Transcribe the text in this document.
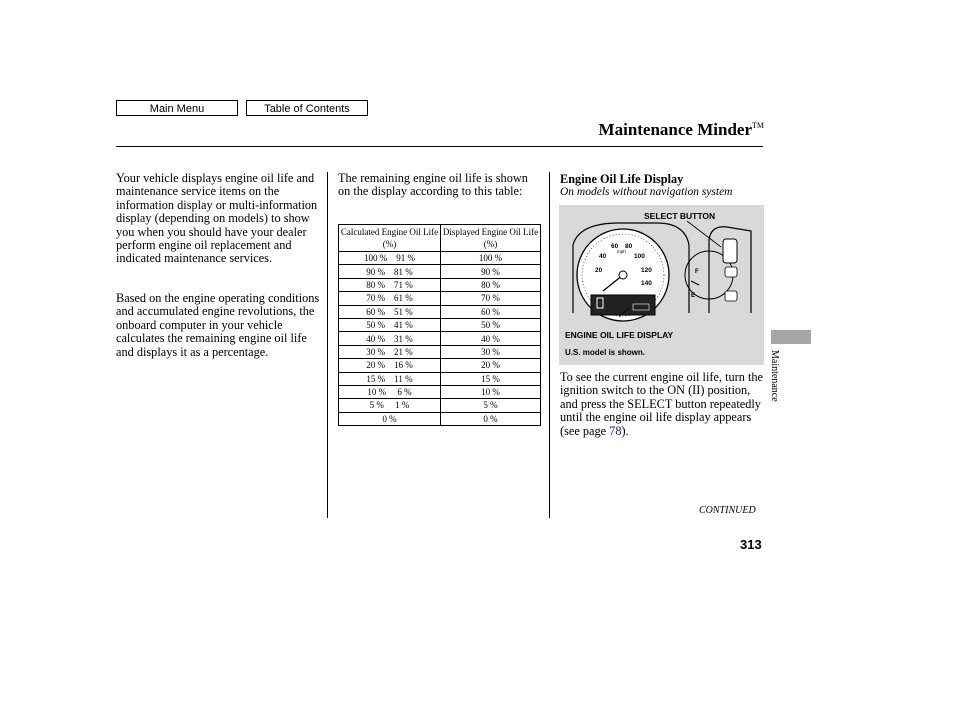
Main Menu	Table of Contents
Maintenance Minder™

Your vehicle displays engine oil life and maintenance service items on the information display or multi-information display (depending on models) to show you when you should have your dealer perform engine oil replacement and indicated maintenance services.

Based on the engine operating conditions and accumulated engine revolutions, the onboard computer in your vehicle calculates the remaining engine oil life and displays it as a percentage.

The remaining engine oil life is shown on the display according to this table:

Calculated Engine Oil Life (%)	Displayed Engine Oil Life (%)
100 %    91 %	100 %
90 %    81 %	90 %
80 %    71 %	80 %
70 %    61 %	70 %
60 %    51 %	60 %
50 %    41 %	50 %
40 %    31 %	40 %
30 %    21 %	30 %
20 %    16 %	20 %
15 %    11 %	15 %
10 %     6 %	10 %
5 %     1 %	5 %
0 %	0 %
Engine Oil Life Display
On models without navigation system
SELECT BUTTON
20
40
60 80
100
120
140
mph
F
E
ENGINE OIL LIFE DISPLAY
U.S. model is shown.

To see the current engine oil life, turn the ignition switch to the ON (II) position, and press the SELECT button repeatedly until the engine oil life display appears (see page 78).

CONTINUED
313
Maintenance
